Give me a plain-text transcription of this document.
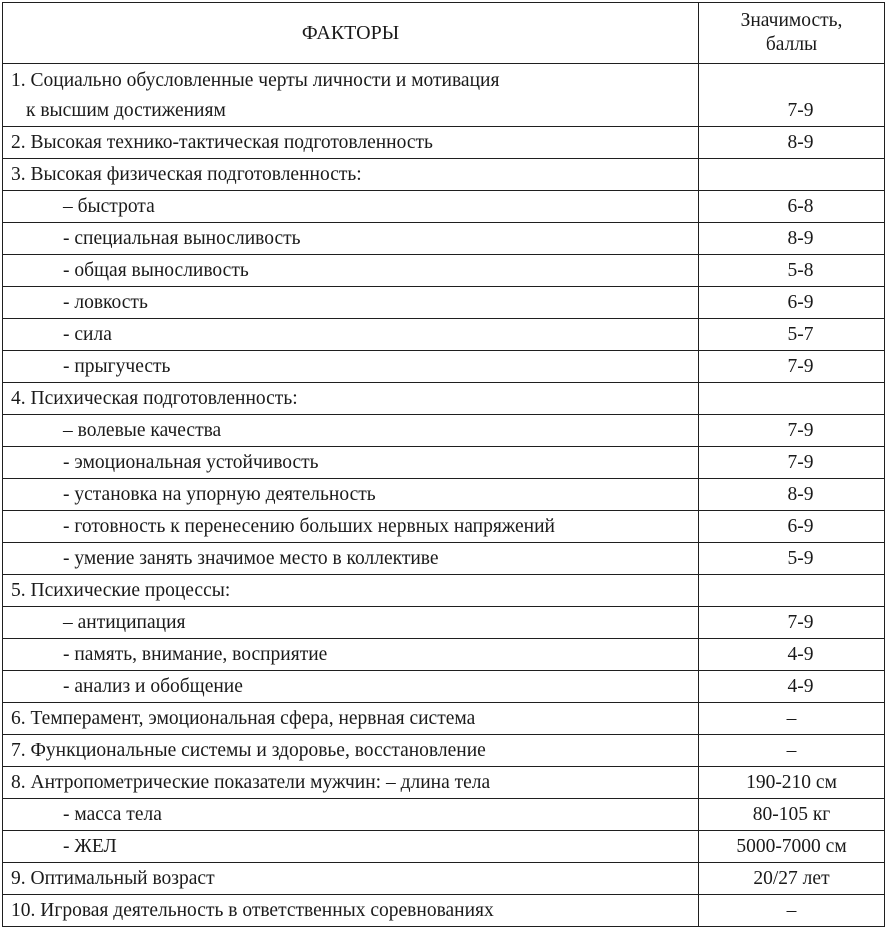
ФАКТОРЫ	Значимость,
баллы
1. Социально обусловленные черты личности и мотивация
к высшим достижениям	7-9
2. Высокая технико-тактическая подготовленность	8-9
3. Высокая физическая подготовленность:	
– быстрота	6-8
- специальная выносливость	8-9
- общая выносливость	5-8
- ловкость	6-9
- сила	5-7
- прыгучесть	7-9
4. Психическая подготовленность:	
– волевые качества	7-9
- эмоциональная устойчивость	7-9
- установка на упорную деятельность	8-9
- готовность к перенесению больших нервных напряжений	6-9
- умение занять значимое место в коллективе	5-9
5. Психические процессы:	
– антиципация	7-9
- память, внимание, восприятие	4-9
- анализ и обобщение	4-9
6. Темперамент, эмоциональная сфера, нервная система	–
7. Функциональные системы и здоровье, восстановление	–
8. Антропометрические показатели мужчин: – длина тела	190-210 см
- масса тела	80-105 кг
- ЖЕЛ	5000-7000 см
9. Оптимальный возраст	20/27 лет
10. Игровая деятельность в ответственных соревнованиях	–
